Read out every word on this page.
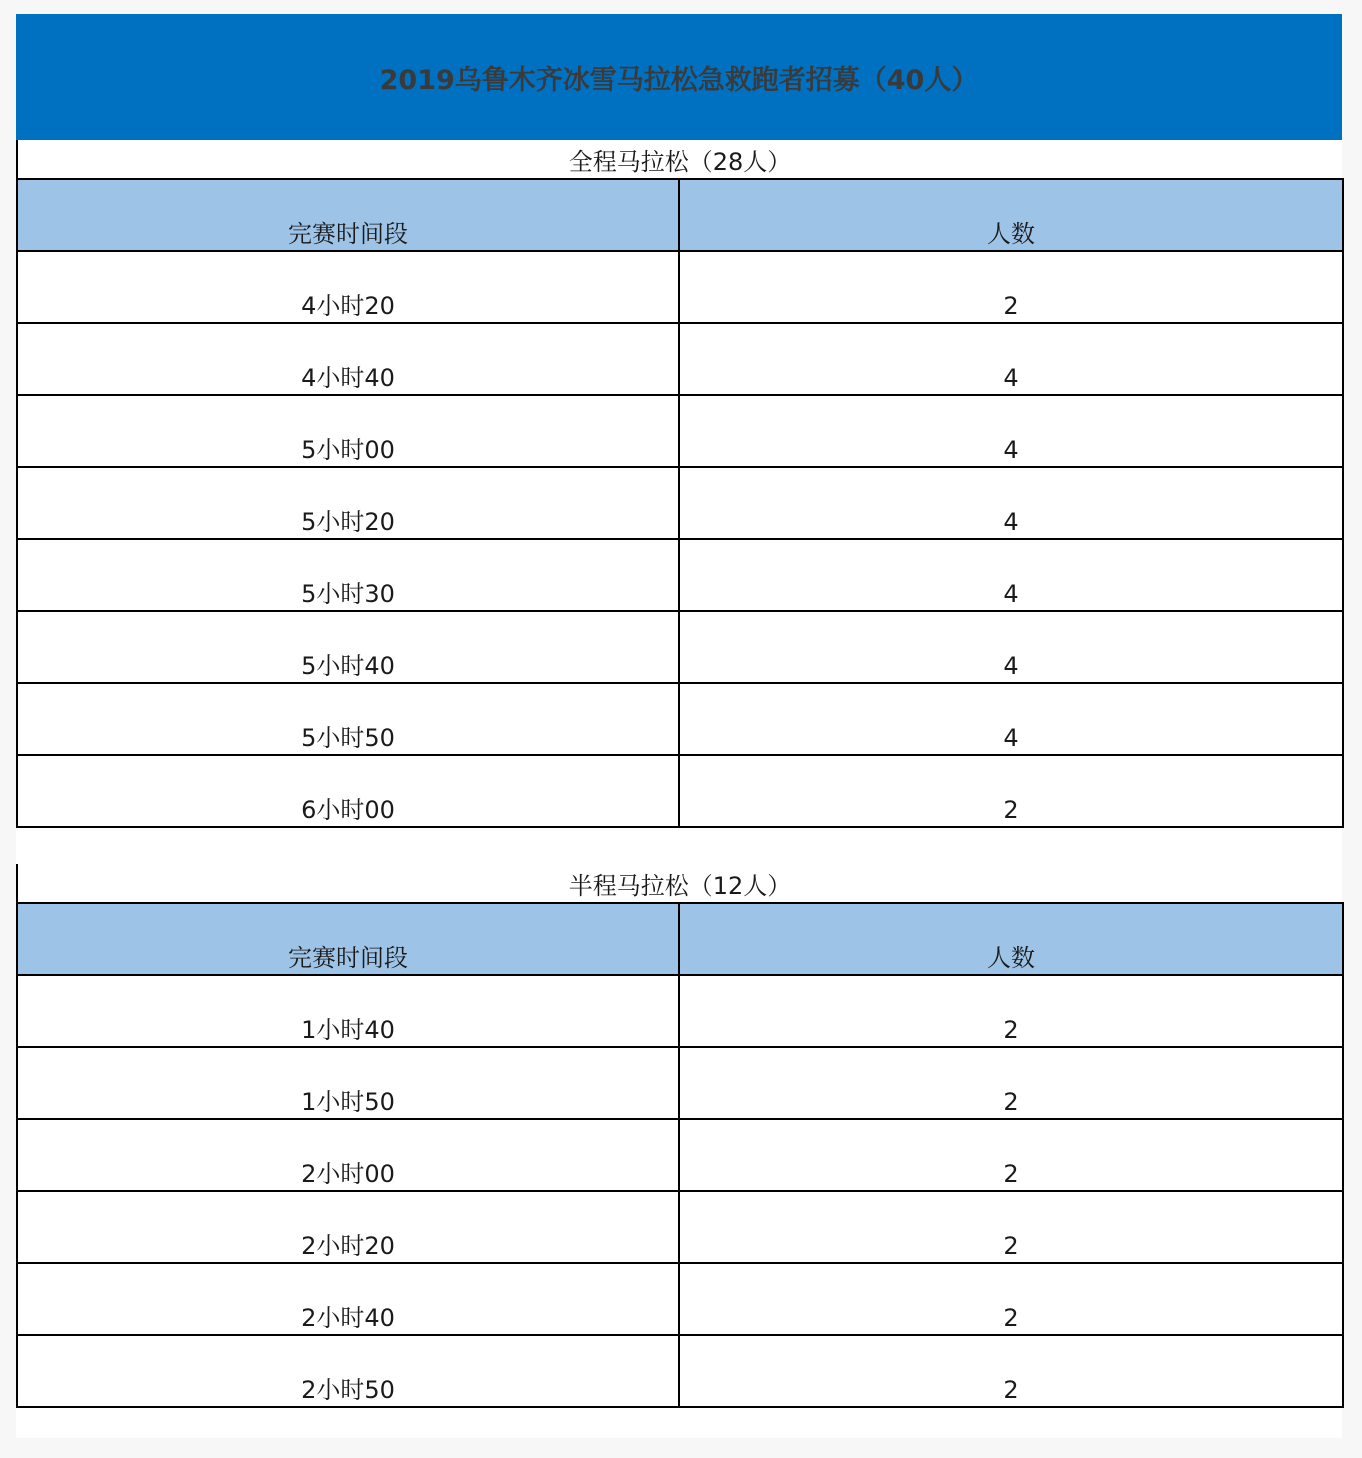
2019乌鲁木齐冰雪马拉松急救跑者招募（40人）
全程马拉松（28人）
完赛时间段	人数
4小时20	2
4小时40	4
5小时00	4
5小时20	4
5小时30	4
5小时40	4
5小时50	4
6小时00	2
半程马拉松（12人）
完赛时间段	人数
1小时40	2
1小时50	2
2小时00	2
2小时20	2
2小时40	2
2小时50	2
